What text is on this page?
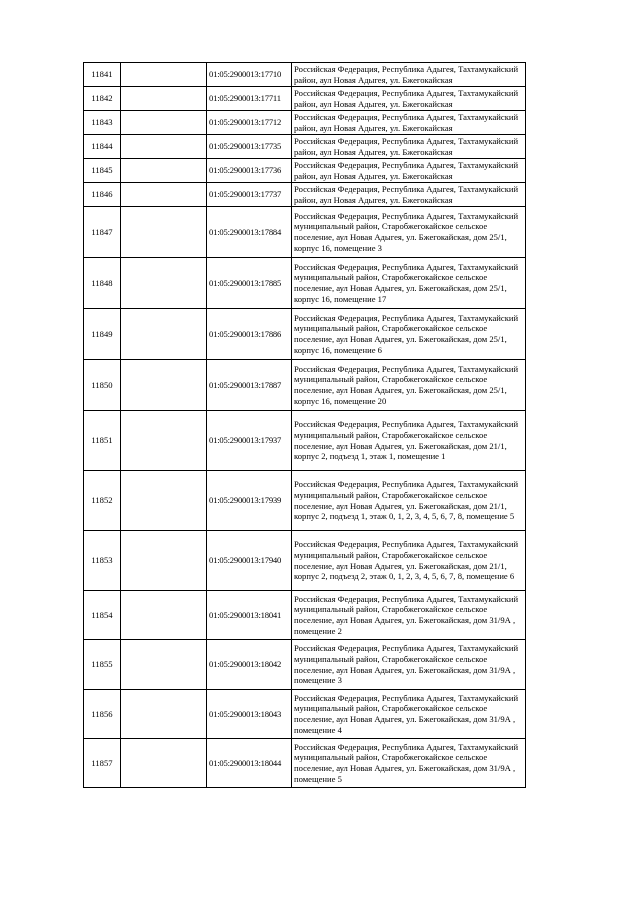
11841		01:05:2900013:17710	Российская Федерация, Республика Адыгея, Тахтамукайский район, аул Новая Адыгея, ул. Бжегокайская
11842		01:05:2900013:17711	Российская Федерация, Республика Адыгея, Тахтамукайский район, аул Новая Адыгея, ул. Бжегокайская
11843		01:05:2900013:17712	Российская Федерация, Республика Адыгея, Тахтамукайский район, аул Новая Адыгея, ул. Бжегокайская
11844		01:05:2900013:17735	Российская Федерация, Республика Адыгея, Тахтамукайский район, аул Новая Адыгея, ул. Бжегокайская
11845		01:05:2900013:17736	Российская Федерация, Республика Адыгея, Тахтамукайский район, аул Новая Адыгея, ул. Бжегокайская
11846		01:05:2900013:17737	Российская Федерация, Республика Адыгея, Тахтамукайский район, аул Новая Адыгея, ул. Бжегокайская
11847		01:05:2900013:17884	Российская Федерация, Республика Адыгея, Тахтамукайский муниципальный район, Старобжегокайское сельское поселение, аул Новая Адыгея, ул. Бжегокайская, дом 25/1, корпус 16, помещение 3
11848		01:05:2900013:17885	Российская Федерация, Республика Адыгея, Тахтамукайский муниципальный район, Старобжегокайское сельское поселение, аул Новая Адыгея, ул. Бжегокайская, дом 25/1, корпус 16, помещение 17
11849		01:05:2900013:17886	Российская Федерация, Республика Адыгея, Тахтамукайский муниципальный район, Старобжегокайское сельское поселение, аул Новая Адыгея, ул. Бжегокайская, дом 25/1, корпус 16, помещение 6
11850		01:05:2900013:17887	Российская Федерация, Республика Адыгея, Тахтамукайский муниципальный район, Старобжегокайское сельское поселение, аул Новая Адыгея, ул. Бжегокайская, дом 25/1, корпус 16, помещение 20
11851		01:05:2900013:17937	Российская Федерация, Республика Адыгея, Тахтамукайский муниципальный район, Старобжегокайское сельское поселение, аул Новая Адыгея, ул. Бжегокайская, дом 21/1, корпус 2, подъезд 1, этаж 1, помещение 1
11852		01:05:2900013:17939	Российская Федерация, Республика Адыгея, Тахтамукайский муниципальный район, Старобжегокайское сельское поселение, аул Новая Адыгея, ул. Бжегокайская, дом 21/1, корпус 2, подъезд 1, этаж 0, 1, 2, 3, 4, 5, 6, 7, 8, помещение 5
11853		01:05:2900013:17940	Российская Федерация, Республика Адыгея, Тахтамукайский муниципальный район, Старобжегокайское сельское поселение, аул Новая Адыгея, ул. Бжегокайская, дом 21/1, корпус 2, подъезд 2, этаж 0, 1, 2, 3, 4, 5, 6, 7, 8, помещение 6
11854		01:05:2900013:18041	Российская Федерация, Республика Адыгея, Тахтамукайский муниципальный район, Старобжегокайское сельское поселение, аул Новая Адыгея, ул. Бжегокайская, дом 31/9А , помещение 2
11855		01:05:2900013:18042	Российская Федерация, Республика Адыгея, Тахтамукайский муниципальный район, Старобжегокайское сельское поселение, аул Новая Адыгея, ул. Бжегокайская, дом 31/9А , помещение 3
11856		01:05:2900013:18043	Российская Федерация, Республика Адыгея, Тахтамукайский муниципальный район, Старобжегокайское сельское поселение, аул Новая Адыгея, ул. Бжегокайская, дом 31/9А , помещение 4
11857		01:05:2900013:18044	Российская Федерация, Республика Адыгея, Тахтамукайский муниципальный район, Старобжегокайское сельское поселение, аул Новая Адыгея, ул. Бжегокайская, дом 31/9А , помещение 5
